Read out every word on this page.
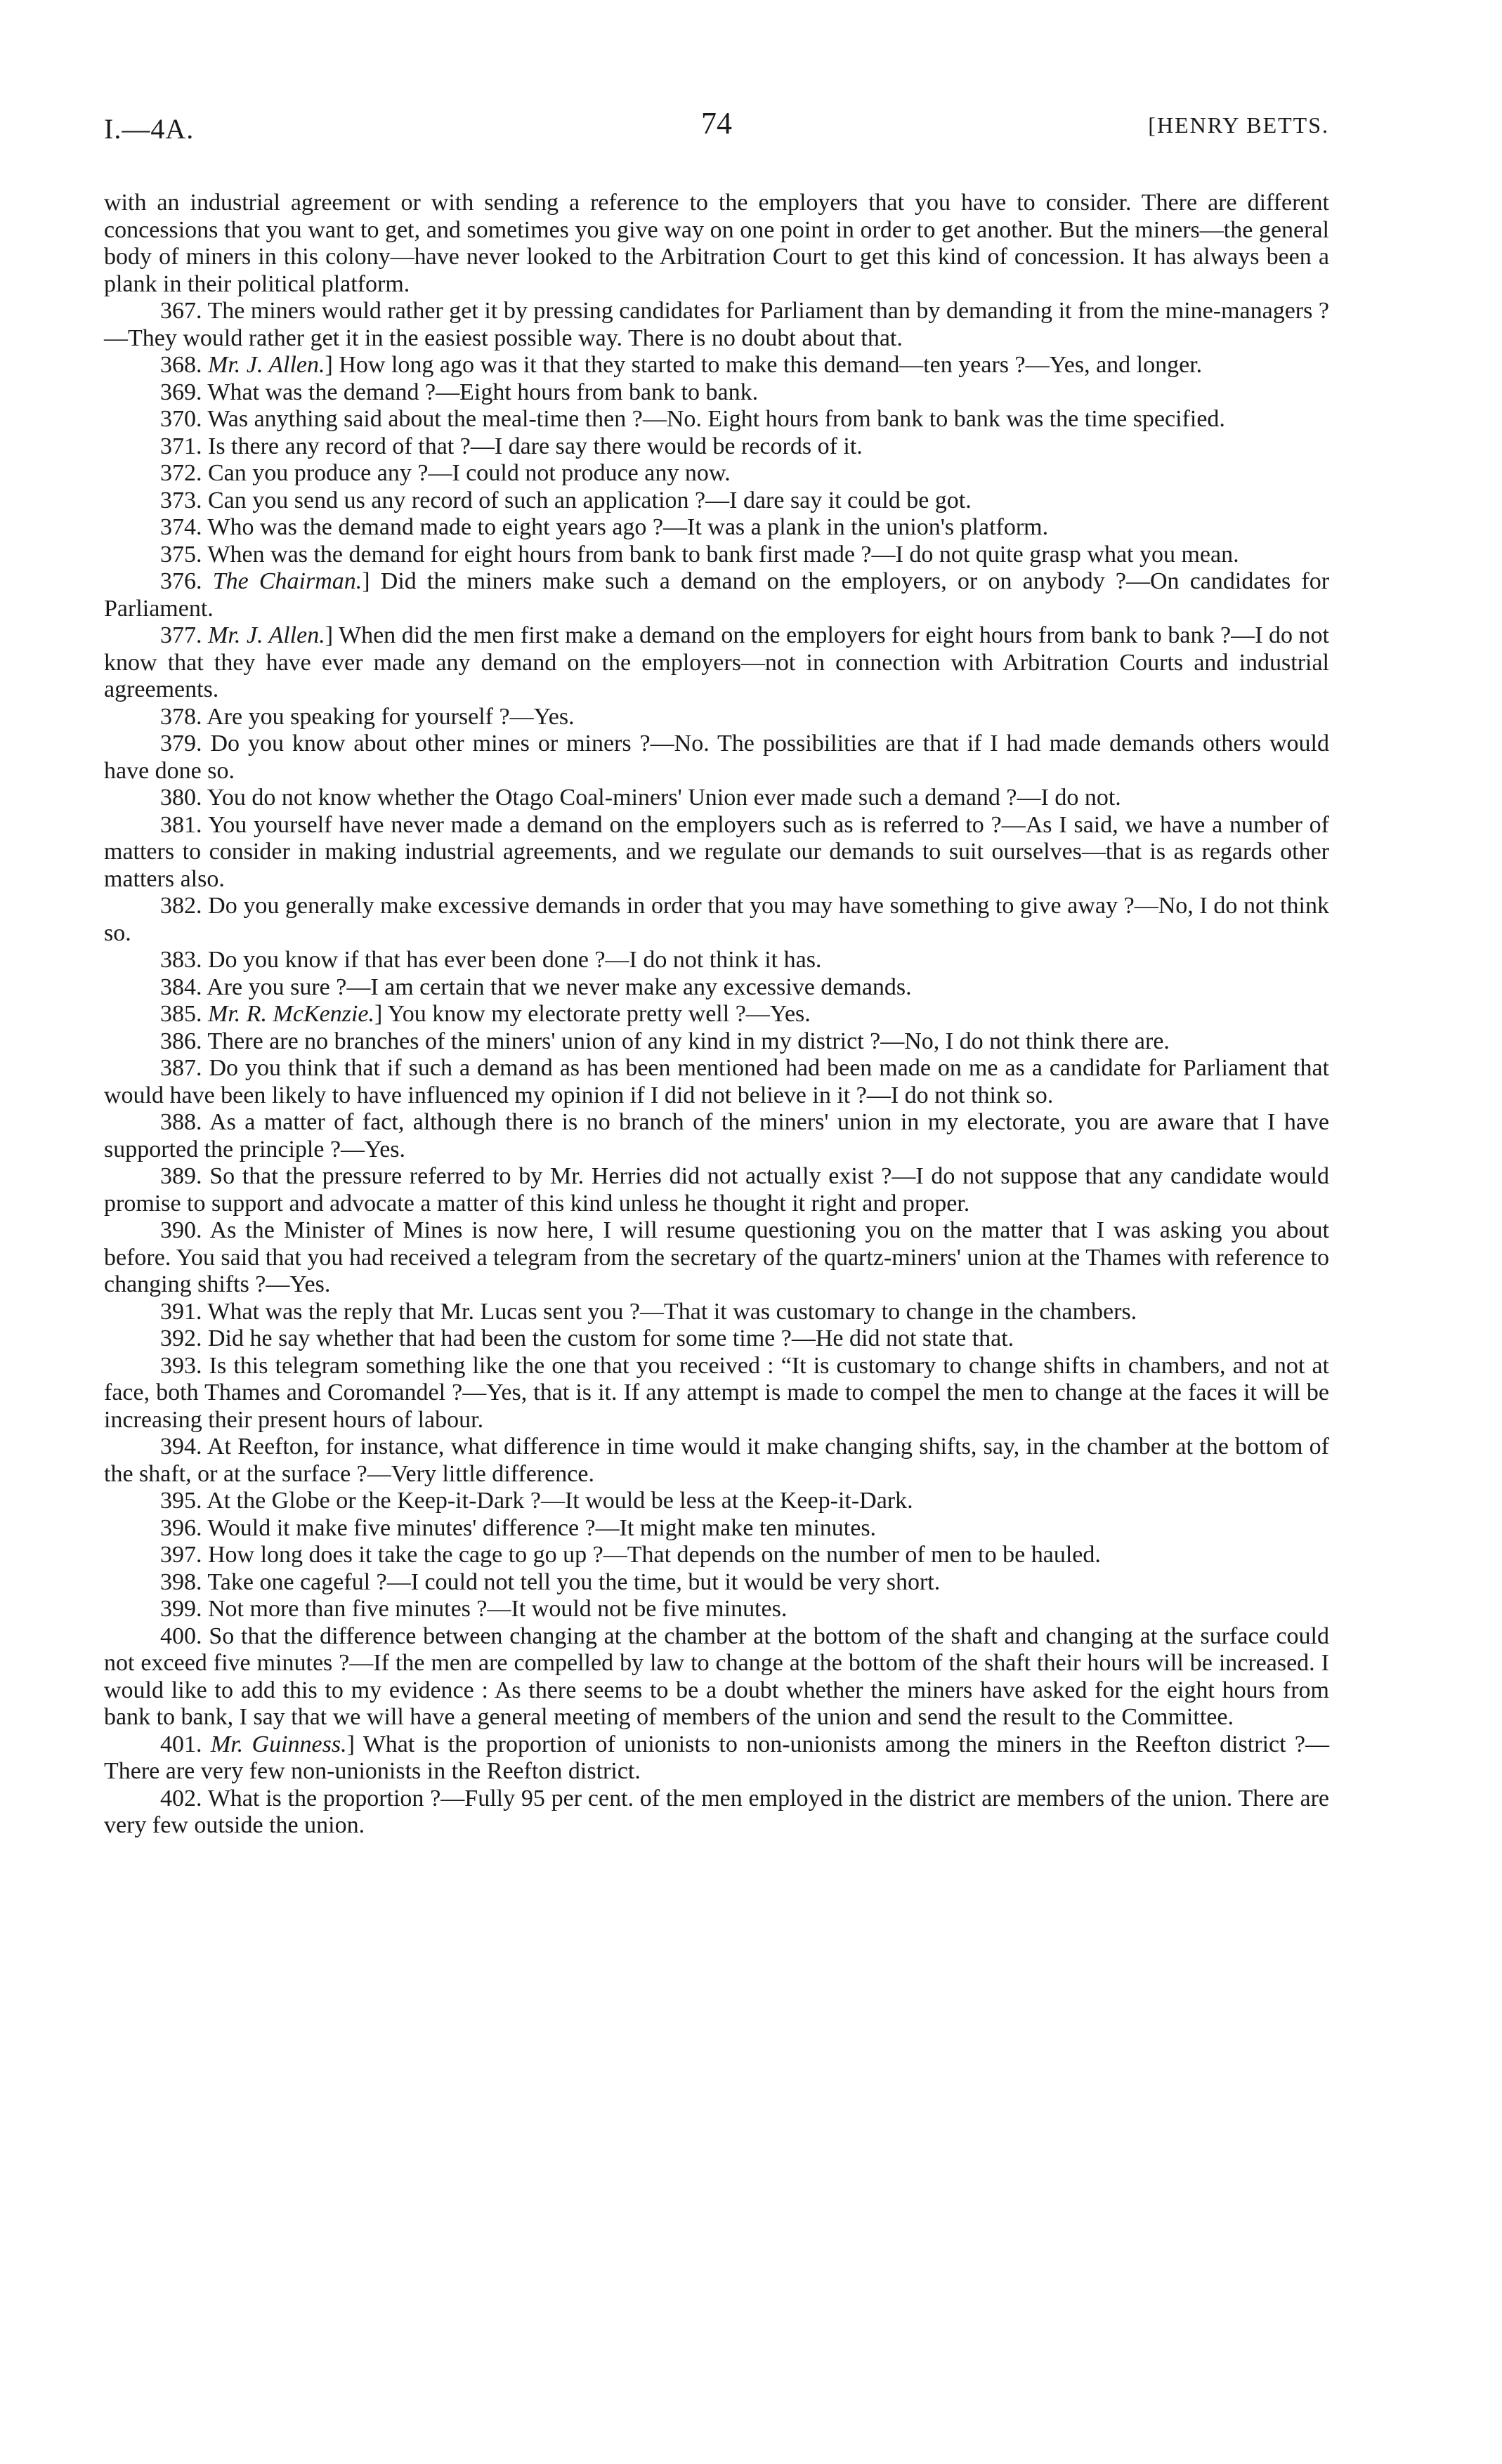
I.—4A.	74	[HENRY BETTS.

with an industrial agreement or with sending a reference to the employers that you have to consider. There are different concessions that you want to get, and sometimes you give way on one point in order to get another. But the miners—the general body of miners in this colony—have never looked to the Arbitration Court to get this kind of concession. It has always been a plank in their political platform.

367. The miners would rather get it by pressing candidates for Parliament than by demanding it from the mine-managers ?—They would rather get it in the easiest possible way. There is no doubt about that.

368. Mr. J. Allen.] How long ago was it that they started to make this demand—ten years ?—Yes, and longer.

369. What was the demand ?—Eight hours from bank to bank.

370. Was anything said about the meal-time then ?—No. Eight hours from bank to bank was the time specified.

371. Is there any record of that ?—I dare say there would be records of it.

372. Can you produce any ?—I could not produce any now.

373. Can you send us any record of such an application ?—I dare say it could be got.

374. Who was the demand made to eight years ago ?—It was a plank in the union's platform.

375. When was the demand for eight hours from bank to bank first made ?—I do not quite grasp what you mean.

376. The Chairman.] Did the miners make such a demand on the employers, or on anybody ?—On candidates for Parliament.

377. Mr. J. Allen.] When did the men first make a demand on the employers for eight hours from bank to bank ?—I do not know that they have ever made any demand on the employers—not in connection with Arbitration Courts and industrial agreements.

378. Are you speaking for yourself ?—Yes.

379. Do you know about other mines or miners ?—No. The possibilities are that if I had made demands others would have done so.

380. You do not know whether the Otago Coal-miners' Union ever made such a demand ?—I do not.

381. You yourself have never made a demand on the employers such as is referred to ?—As I said, we have a number of matters to consider in making industrial agreements, and we regulate our demands to suit ourselves—that is as regards other matters also.

382. Do you generally make excessive demands in order that you may have something to give away ?—No, I do not think so.

383. Do you know if that has ever been done ?—I do not think it has.

384. Are you sure ?—I am certain that we never make any excessive demands.

385. Mr. R. McKenzie.] You know my electorate pretty well ?—Yes.

386. There are no branches of the miners' union of any kind in my district ?—No, I do not think there are.

387. Do you think that if such a demand as has been mentioned had been made on me as a candidate for Parliament that would have been likely to have influenced my opinion if I did not believe in it ?—I do not think so.

388. As a matter of fact, although there is no branch of the miners' union in my electorate, you are aware that I have supported the principle ?—Yes.

389. So that the pressure referred to by Mr. Herries did not actually exist ?—I do not suppose that any candidate would promise to support and advocate a matter of this kind unless he thought it right and proper.

390. As the Minister of Mines is now here, I will resume questioning you on the matter that I was asking you about before. You said that you had received a telegram from the secretary of the quartz-miners' union at the Thames with reference to changing shifts ?—Yes.

391. What was the reply that Mr. Lucas sent you ?—That it was customary to change in the chambers.

392. Did he say whether that had been the custom for some time ?—He did not state that.

393. Is this telegram something like the one that you received : “It is customary to change shifts in chambers, and not at face, both Thames and Coromandel ?—Yes, that is it. If any attempt is made to compel the men to change at the faces it will be increasing their present hours of labour.

394. At Reefton, for instance, what difference in time would it make changing shifts, say, in the chamber at the bottom of the shaft, or at the surface ?—Very little difference.

395. At the Globe or the Keep-it-Dark ?—It would be less at the Keep-it-Dark.

396. Would it make five minutes' difference ?—It might make ten minutes.

397. How long does it take the cage to go up ?—That depends on the number of men to be hauled.

398. Take one cageful ?—I could not tell you the time, but it would be very short.

399. Not more than five minutes ?—It would not be five minutes.

400. So that the difference between changing at the chamber at the bottom of the shaft and changing at the surface could not exceed five minutes ?—If the men are compelled by law to change at the bottom of the shaft their hours will be increased. I would like to add this to my evidence : As there seems to be a doubt whether the miners have asked for the eight hours from bank to bank, I say that we will have a general meeting of members of the union and send the result to the Committee.

401. Mr. Guinness.] What is the proportion of unionists to non-unionists among the miners in the Reefton district ?—There are very few non-unionists in the Reefton district.

402. What is the proportion ?—Fully 95 per cent. of the men employed in the district are members of the union. There are very few outside the union.
